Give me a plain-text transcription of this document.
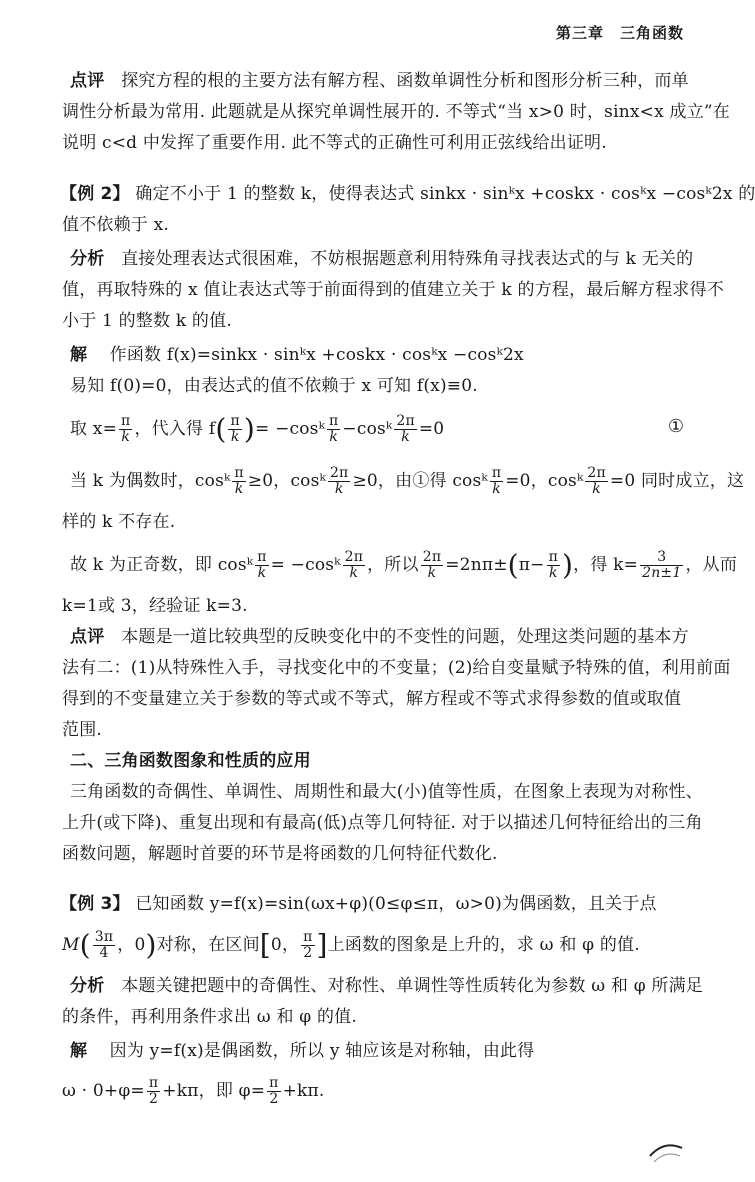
第三章　三角函数
点评 探究方程的根的主要方法有解方程、函数单调性分析和图形分析三种，而单
调性分析最为常用. 此题就是从探究单调性展开的. 不等式“当 x>0 时，sinx<x 成立”在
说明 c<d 中发挥了重要作用. 此不等式的正确性可利用正弦线给出证明.
【例 2】 确定不小于 1 的整数 k，使得表达式 sinkx · sinᵏx +coskx · cosᵏx −cosᵏ2x 的
值不依赖于 x.
分析 直接处理表达式很困难，不妨根据题意利用特殊角寻找表达式的与 k 无关的
值，再取特殊的 x 值让表达式等于前面得到的值建立关于 k 的方程，最后解方程求得不
小于 1 的整数 k 的值.
解 作函数 f(x)=sinkx · sinᵏx +coskx · cosᵏx −cosᵏ2x
易知 f(0)=0，由表达式的值不依赖于 x 可知 f(x)≡0.
取 $x= \frac{\pi}{k}$ ，代入得 $f( \frac{\pi}{k}$ )= −cosᵏ $\frac{\pi}{k}$ −cosᵏ $\frac{2\pi}{k} =0$	①
当 k 为偶数时，cosᵏ $\frac{\pi}{k} \ge 0$，cosᵏ $\frac{2\pi}{k} \ge 0$，由①得 cosᵏ $\frac{\pi}{k} =0$，cosᵏ $\frac{2\pi}{k} =0$ 同时成立，这
样的 k 不存在.
故 k 为正奇数，即 cosᵏ $\frac{\pi}{k}$ = −cosᵏ $\frac{2\pi}{k}$ ，所以 $\frac{2\pi}{k} =2n\pi\pm(\pi- \frac{\pi}{k}$ )，得 $k= \frac{3}{2n\pm 1}$ ，从而
k=1或 3，经验证 k=3.
点评 本题是一道比较典型的反映变化中的不变性的问题，处理这类问题的基本方
法有二：(1)从特殊性入手，寻找变化中的不变量；(2)给自变量赋予特殊的值，利用前面
得到的不变量建立关于参数的等式或不等式，解方程或不等式求得参数的值或取值
范围.
二、三角函数图象和性质的应用
三角函数的奇偶性、单调性、周期性和最大(小)值等性质，在图象上表现为对称性、
上升(或下降)、重复出现和有最高(低)点等几何特征. 对于以描述几何特征给出的三角
函数问题，解题时首要的环节是将函数的几何特征代数化.
【例 3】 已知函数 y=f(x)=sin(ωx+φ)(0≤φ≤π，ω>0)为偶函数，且关于点
$M( \frac{3\pi}{4}$ ，0)对称，在区间[0， $\frac{\pi}{2}$ ]上函数的图象是上升的，求 ω 和 φ 的值.
分析 本题关键把题中的奇偶性、对称性、单调性等性质转化为参数 ω 和 φ 所满足
的条件，再利用条件求出 ω 和 φ 的值.
解 因为 y=f(x)是偶函数，所以 y 轴应该是对称轴，由此得
$\omega \cdot 0+\varphi= \frac{\pi}{2} +k\pi$，即 $\varphi= \frac{\pi}{2} +k\pi$.
